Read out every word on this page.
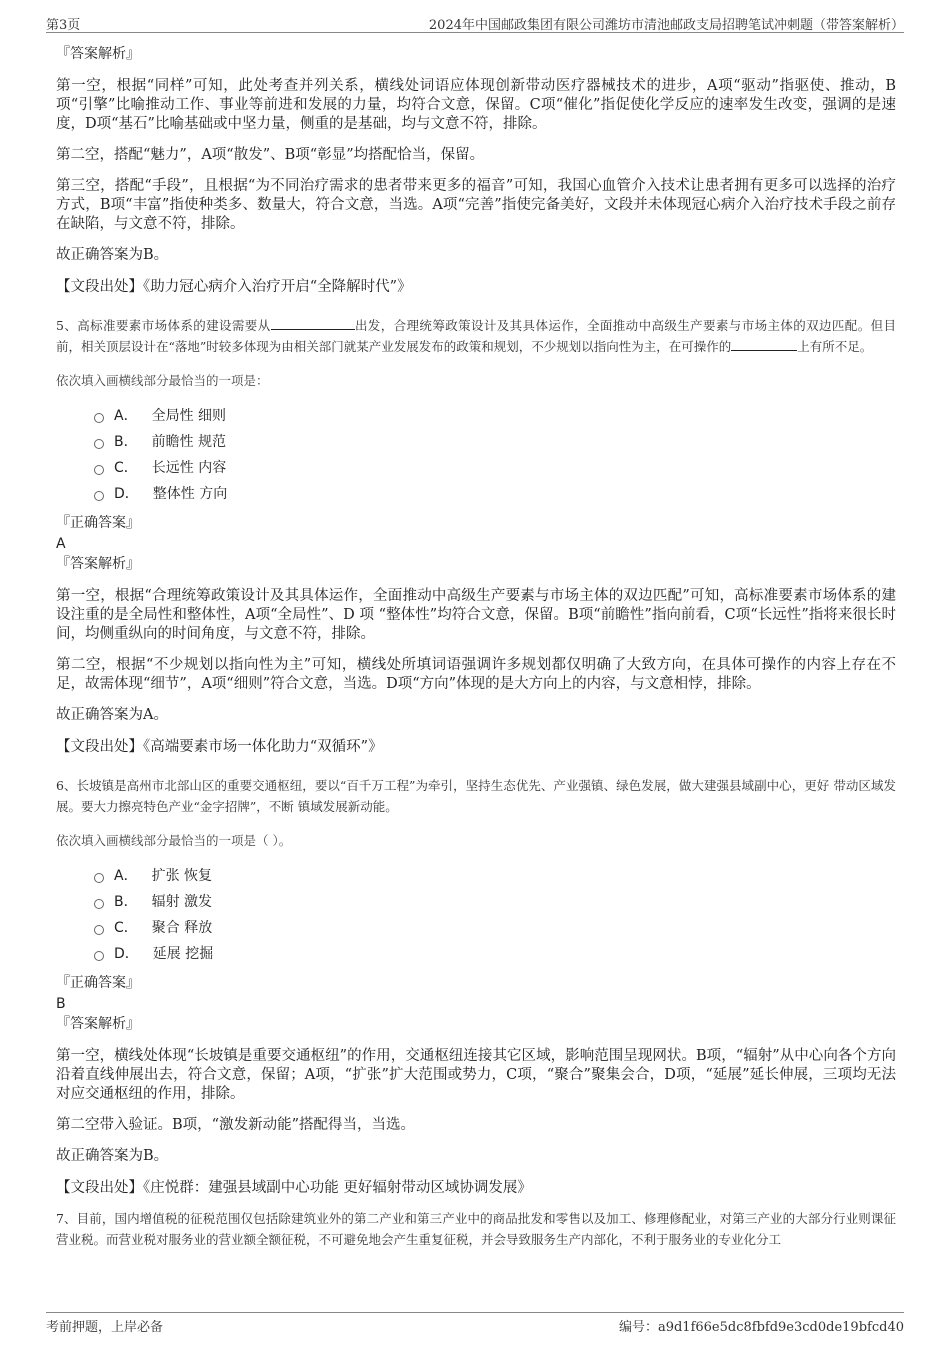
第3页	2024年中国邮政集团有限公司潍坊市清池邮政支局招聘笔试冲刺题（带答案解析）

『答案解析』

第一空，根据“同样”可知，此处考查并列关系，横线处词语应体现创新带动医疗器械技术的进步，A项“驱动”指驱使、推动，B项“引擎”比喻推动工作、事业等前进和发展的力量，均符合文意，保留。C项“催化”指促使化学反应的速率发生改变，强调的是速度，D项“基石”比喻基础或中坚力量，侧重的是基础，均与文意不符，排除。

第二空，搭配“魅力”，A项“散发”、B项“彰显”均搭配恰当，保留。

第三空，搭配“手段”，且根据“为不同治疗需求的患者带来更多的福音”可知，我国心血管介入技术让患者拥有更多可以选择的治疗方式，B项“丰富”指使种类多、数量大，符合文意，当选。A项“完善”指使完备美好，文段并未体现冠心病介入治疗技术手段之前存在缺陷，与文意不符，排除。

故正确答案为B。

【文段出处】《助力冠心病介入治疗开启“全降解时代”》

5、高标准要素市场体系的建设需要从	出发，合理统筹政策设计及其具体运作，全面推动中高级生产要素与市场主体的双边匹配。但目前，相关顶层设计在“落地”时较多体现为由相关部门就某产业发展发布的政策和规划，不少规划以指向性为主，在可操作的	上有所不足。

依次填入画横线部分最恰当的一项是：

A． 全局性 细则
B． 前瞻性 规范
C． 长远性 内容
D． 整体性 方向

『正确答案』

A

『答案解析』

第一空，根据“合理统筹政策设计及其具体运作，全面推动中高级生产要素与市场主体的双边匹配”可知，高标准要素市场体系的建设注重的是全局性和整体性，A项“全局性”、D 项 “整体性”均符合文意，保留。B项“前瞻性”指向前看，C项“长远性”指将来很长时间，均侧重纵向的时间角度，与文意不符，排除。

第二空，根据“不少规划以指向性为主”可知，横线处所填词语强调许多规划都仅明确了大致方向，在具体可操作的内容上存在不足，故需体现“细节”，A项“细则”符合文意，当选。D项“方向”体现的是大方向上的内容，与文意相悖，排除。

故正确答案为A。

【文段出处】《高端要素市场一体化助力“双循环”》

6、长坡镇是高州市北部山区的重要交通枢纽，要以“百千万工程”为牵引，坚持生态优先、产业强镇、绿色发展，做大建强县域副中心，更好 带动区域发展。要大力擦亮特色产业“金字招牌”，不断 镇域发展新动能。

依次填入画横线部分最恰当的一项是（ ）。

A． 扩张 恢复
B． 辐射 激发
C． 聚合 释放
D． 延展 挖掘

『正确答案』

B

『答案解析』

第一空，横线处体现“长坡镇是重要交通枢纽”的作用，交通枢纽连接其它区域，影响范围呈现网状。B项，“辐射”从中心向各个方向沿着直线伸展出去，符合文意，保留；A项，“扩张”扩大范围或势力，C项，“聚合”聚集会合，D项，“延展”延长伸展，三项均无法对应交通枢纽的作用，排除。

第二空带入验证。B项，“激发新动能”搭配得当，当选。

故正确答案为B。

【文段出处】《庄悦群：建强县域副中心功能 更好辐射带动区域协调发展》

7、目前，国内增值税的征税范围仅包括除建筑业外的第二产业和第三产业中的商品批发和零售以及加工、修理修配业，对第三产业的大部分行业则课征营业税。而营业税对服务业的营业额全额征税，不可避免地会产生重复征税，并会导致服务生产内部化，不利于服务业的专业化分工

考前押题，上岸必备	编号：a9d1f66e5dc8fbfd9e3cd0de19bfcd40
